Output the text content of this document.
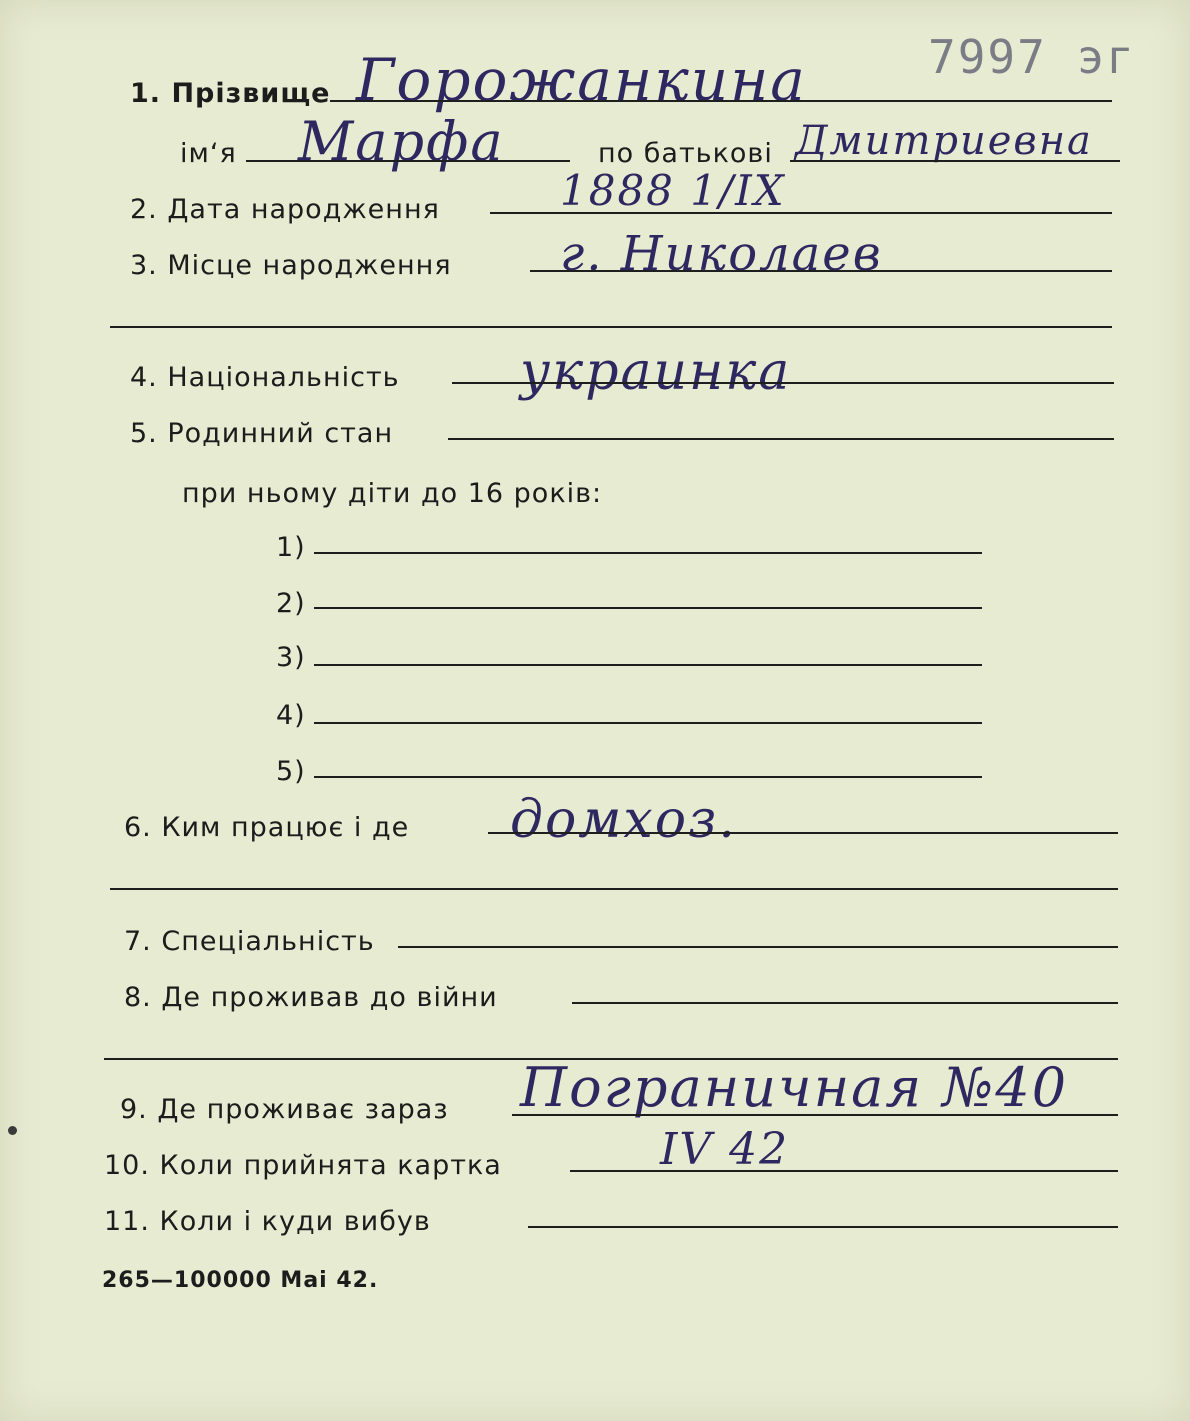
7997 эг
1. Прізвище Горожанкина
ім‘я Марфа	по батькові Дмитриевна
2. Дата народження	1888 1/IX
3. Місце народження г. Николаев
4. Національність украинка
5. Родинний стан
при ньому діти до 16 років:
1)
2)
3)
4)
5)
6. Ким працює і де домхоз.
7. Спеціальність
8. Де проживав до війни
9. Де проживає зараз Пограничная №40
10. Коли прийнята картка	IV 42
11. Коли і куди вибув
265—100000 Mai 42.
